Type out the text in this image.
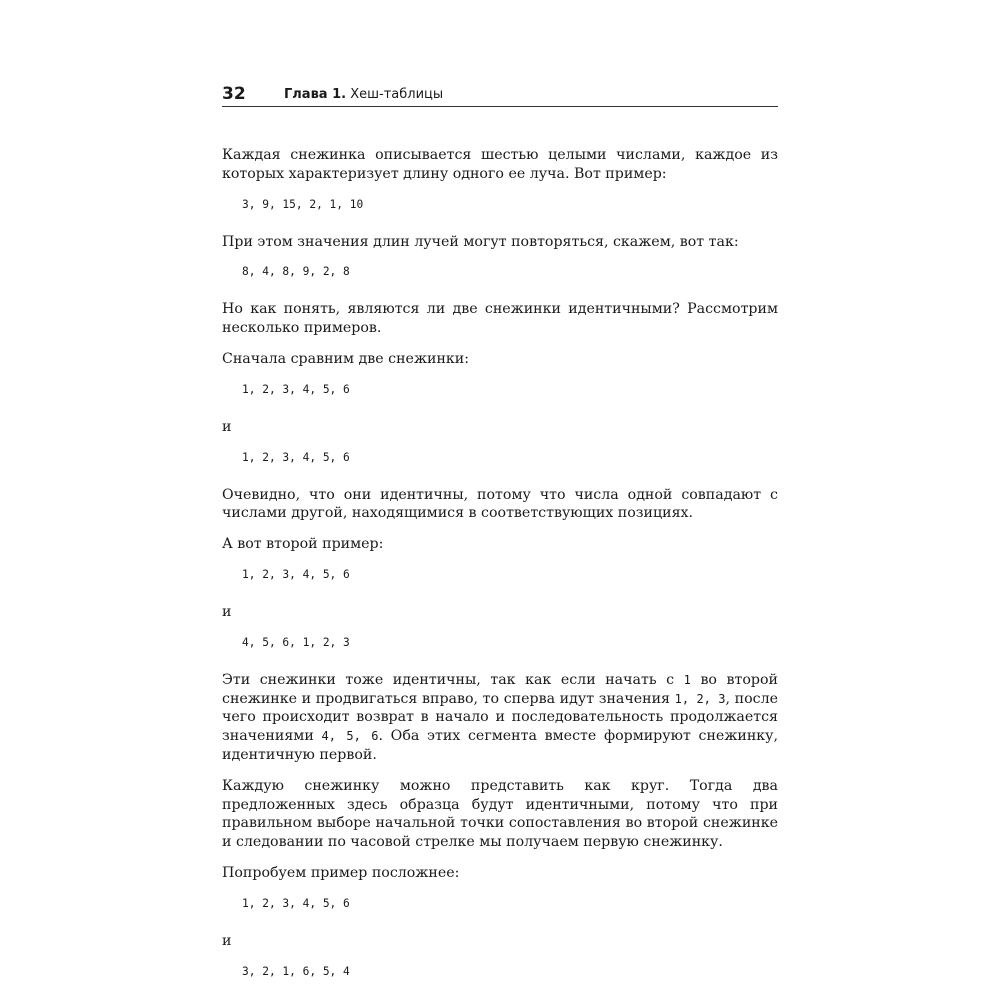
32	Глава 1. Хеш-таблицы

Каждая снежинка описывается шестью целыми числами, каждое из которых характеризует длину одного ее луча. Вот пример:

3, 9, 15, 2, 1, 10

При этом значения длин лучей могут повторяться, скажем, вот так:

8, 4, 8, 9, 2, 8

Но как понять, являются ли две снежинки идентичными? Рассмотрим несколько примеров.

Сначала сравним две снежинки:

1, 2, 3, 4, 5, 6
и
1, 2, 3, 4, 5, 6

Очевидно, что они идентичны, потому что числа одной совпадают с числами другой, находящимися в соответствующих позициях.

А вот второй пример:

1, 2, 3, 4, 5, 6
и
4, 5, 6, 1, 2, 3

Эти снежинки тоже идентичны, так как если начать с 1 во второй снежинке и продвигаться вправо, то сперва идут значения 1, 2, 3, после чего происходит возврат в начало и последовательность продолжается значениями 4, 5, 6. Оба этих сегмента вместе формируют снежинку, идентичную первой.

Каждую снежинку можно представить как круг. Тогда два предложенных здесь образца будут идентичными, потому что при правильном выборе начальной точки сопоставления во второй снежинке и следовании по часовой стрелке мы получаем первую снежинку.

Попробуем пример посложнее:

1, 2, 3, 4, 5, 6
и
3, 2, 1, 6, 5, 4
